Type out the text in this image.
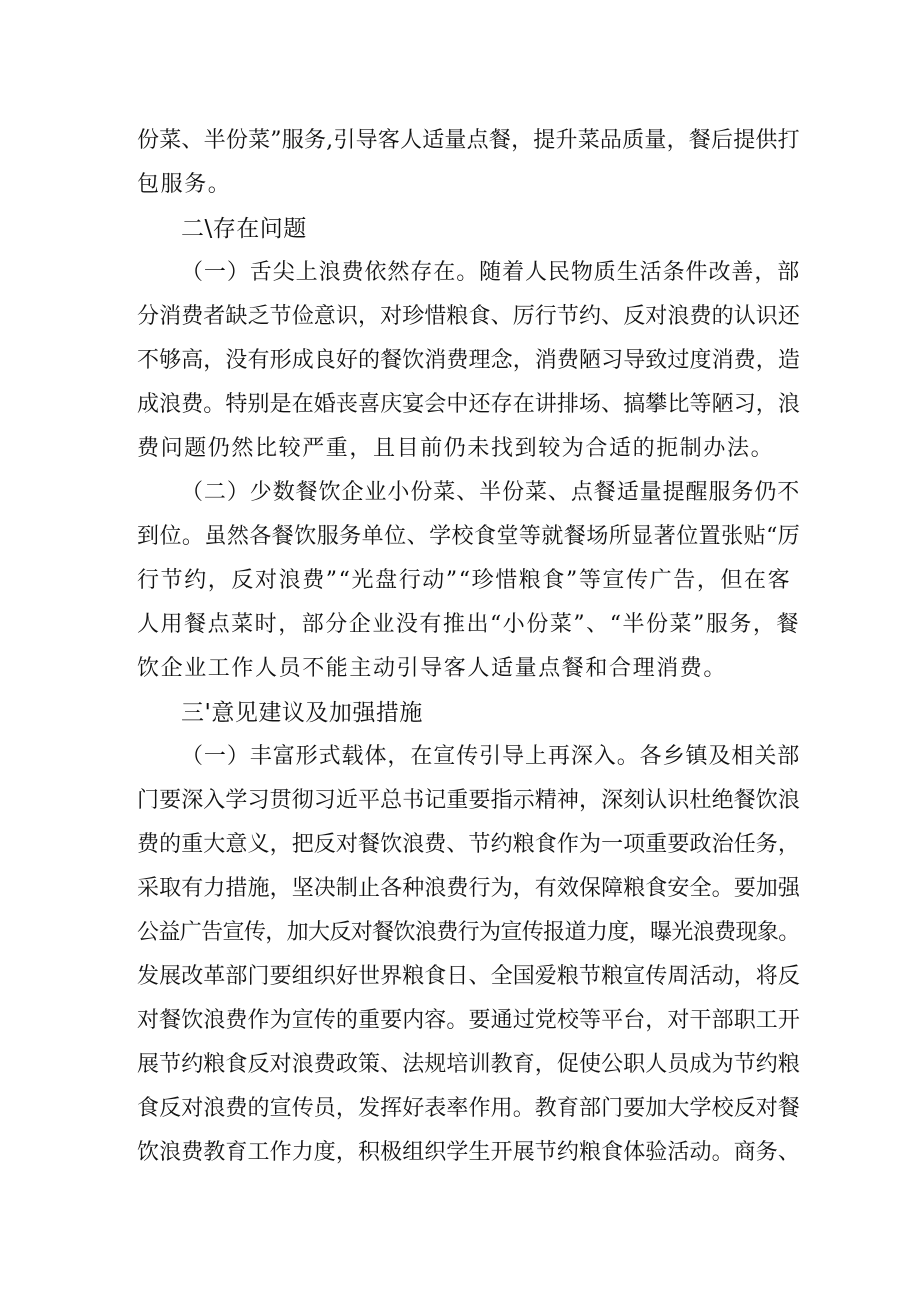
份菜、半份菜”服务,引导客人适量点餐，提升菜品质量，餐后提供打
包服务。
二\存在问题
（一）舌尖上浪费依然存在。随着人民物质生活条件改善，部
分消费者缺乏节俭意识，对珍惜粮食、厉行节约、反对浪费的认识还
不够高，没有形成良好的餐饮消费理念，消费陋习导致过度消费，造
成浪费。特别是在婚丧喜庆宴会中还存在讲排场、搞攀比等陋习，浪
费问题仍然比较严重，且目前仍未找到较为合适的扼制办法。
（二）少数餐饮企业小份菜、半份菜、点餐适量提醒服务仍不
到位。虽然各餐饮服务单位、学校食堂等就餐场所显著位置张贴“厉
行节约，反对浪费”“光盘行动”“珍惜粮食”等宣传广告，但在客
人用餐点菜时，部分企业没有推出“小份菜”、“半份菜”服务，餐
饮企业工作人员不能主动引导客人适量点餐和合理消费。
三'意见建议及加强措施
（一）丰富形式载体，在宣传引导上再深入。各乡镇及相关部
门要深入学习贯彻习近平总书记重要指示精神，深刻认识杜绝餐饮浪
费的重大意义，把反对餐饮浪费、节约粮食作为一项重要政治任务，
采取有力措施，坚决制止各种浪费行为，有效保障粮食安全。要加强
公益广告宣传，加大反对餐饮浪费行为宣传报道力度，曝光浪费现象。
发展改革部门要组织好世界粮食日、全国爱粮节粮宣传周活动，将反
对餐饮浪费作为宣传的重要内容。要通过党校等平台，对干部职工开
展节约粮食反对浪费政策、法规培训教育，促使公职人员成为节约粮
食反对浪费的宣传员，发挥好表率作用。教育部门要加大学校反对餐
饮浪费教育工作力度，积极组织学生开展节约粮食体验活动。商务、
